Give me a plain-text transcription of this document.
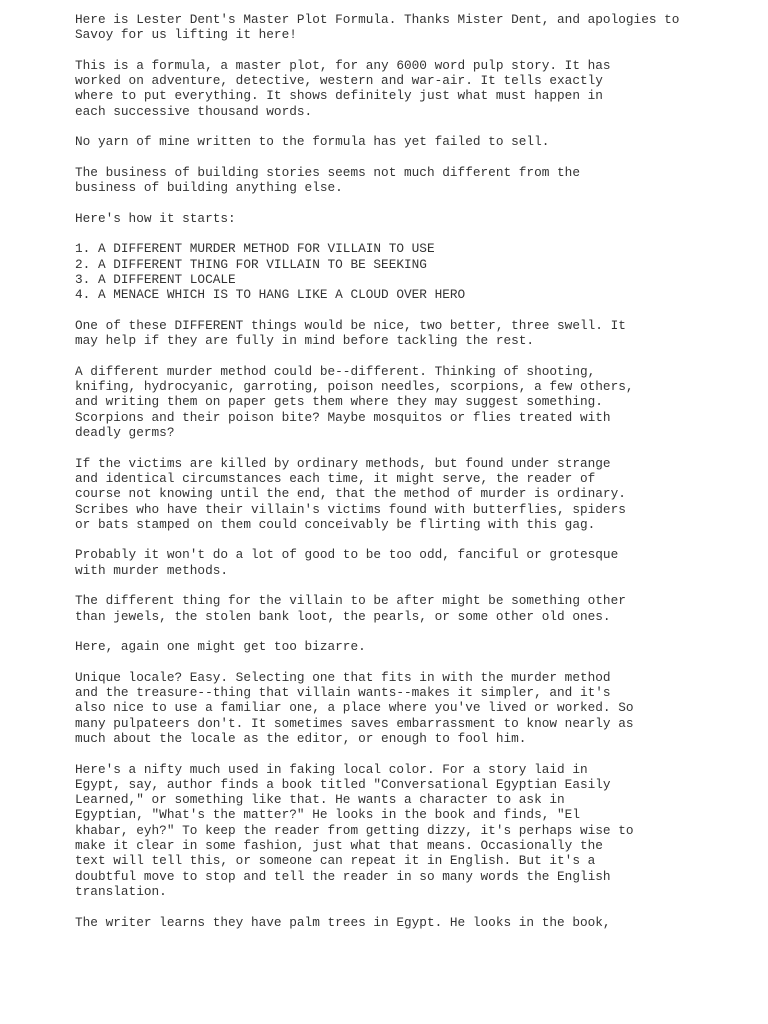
Here is Lester Dent's Master Plot Formula. Thanks Mister Dent, and apologies to
Savoy for us lifting it here!
This is a formula, a master plot, for any 6000 word pulp story. It has
worked on adventure, detective, western and war-air. It tells exactly
where to put everything. It shows definitely just what must happen in
each successive thousand words.
No yarn of mine written to the formula has yet failed to sell.
The business of building stories seems not much different from the
business of building anything else.
Here's how it starts:
1. A DIFFERENT MURDER METHOD FOR VILLAIN TO USE
2. A DIFFERENT THING FOR VILLAIN TO BE SEEKING
3. A DIFFERENT LOCALE
4. A MENACE WHICH IS TO HANG LIKE A CLOUD OVER HERO
One of these DIFFERENT things would be nice, two better, three swell. It
may help if they are fully in mind before tackling the rest.
A different murder method could be--different. Thinking of shooting,
knifing, hydrocyanic, garroting, poison needles, scorpions, a few others,
and writing them on paper gets them where they may suggest something.
Scorpions and their poison bite? Maybe mosquitos or flies treated with
deadly germs?
If the victims are killed by ordinary methods, but found under strange
and identical circumstances each time, it might serve, the reader of
course not knowing until the end, that the method of murder is ordinary.
Scribes who have their villain's victims found with butterflies, spiders
or bats stamped on them could conceivably be flirting with this gag.
Probably it won't do a lot of good to be too odd, fanciful or grotesque
with murder methods.
The different thing for the villain to be after might be something other
than jewels, the stolen bank loot, the pearls, or some other old ones.
Here, again one might get too bizarre.
Unique locale? Easy. Selecting one that fits in with the murder method
and the treasure--thing that villain wants--makes it simpler, and it's
also nice to use a familiar one, a place where you've lived or worked. So
many pulpateers don't. It sometimes saves embarrassment to know nearly as
much about the locale as the editor, or enough to fool him.
Here's a nifty much used in faking local color. For a story laid in
Egypt, say, author finds a book titled "Conversational Egyptian Easily
Learned," or something like that. He wants a character to ask in
Egyptian, "What's the matter?" He looks in the book and finds, "El
khabar, eyh?" To keep the reader from getting dizzy, it's perhaps wise to
make it clear in some fashion, just what that means. Occasionally the
text will tell this, or someone can repeat it in English. But it's a
doubtful move to stop and tell the reader in so many words the English
translation.
The writer learns they have palm trees in Egypt. He looks in the book,
